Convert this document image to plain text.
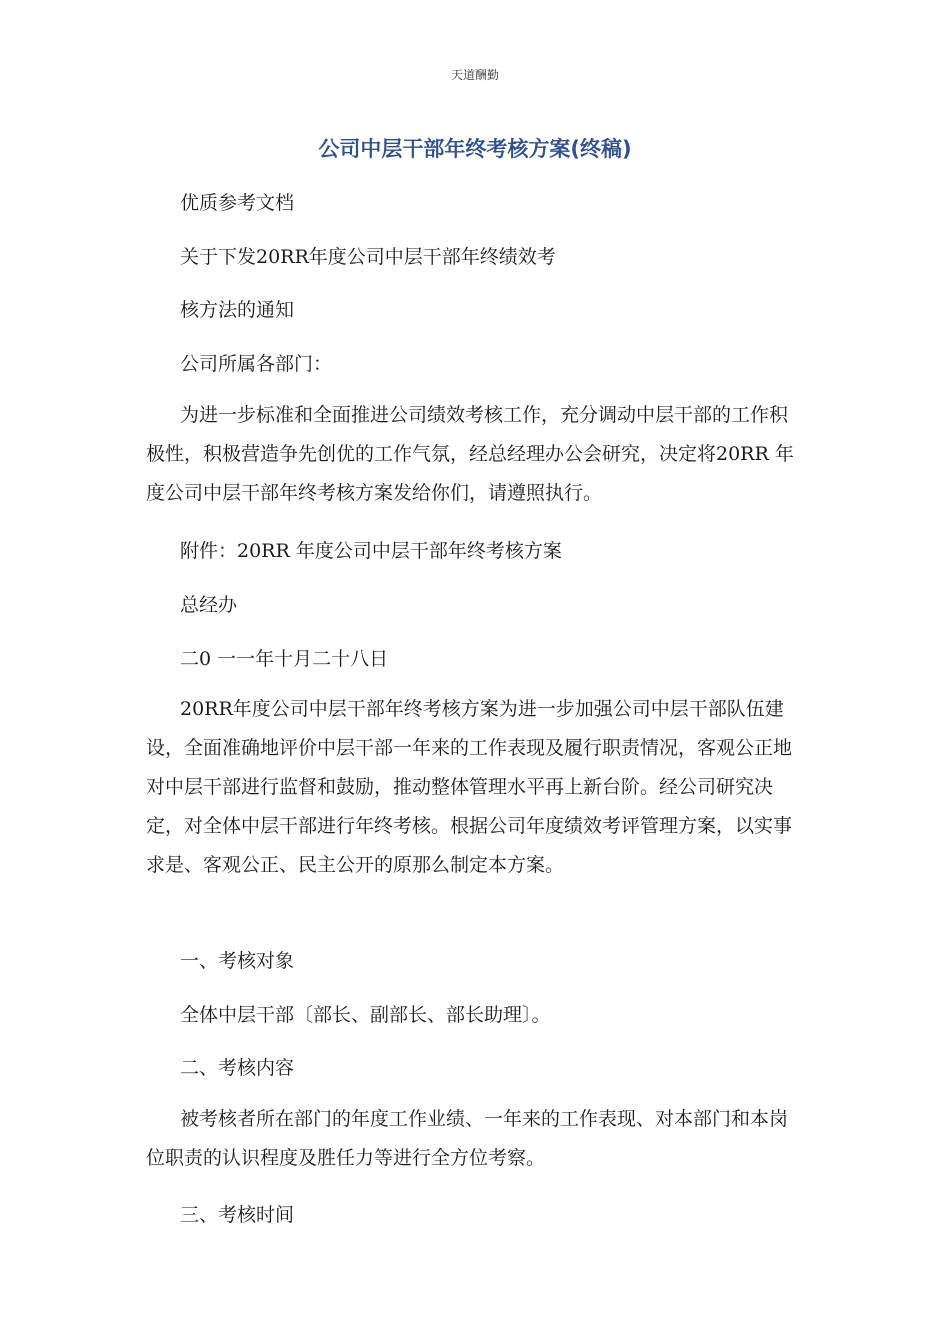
天道酬勤
公司中层干部年终考核方案(终稿)
优质参考文档
关于下发20RR年度公司中层干部年终绩效考
核方法的通知
公司所属各部门：

为进一步标准和全面推进公司绩效考核工作，充分调动中层干部的工作积极性，积极营造争先创优的工作气氛，经总经理办公会研究，决定将20RR 年度公司中层干部年终考核方案发给你们，请遵照执行。

附件：20RR 年度公司中层干部年终考核方案
总经办
二0 一一年十月二十八日

20RR年度公司中层干部年终考核方案为进一步加强公司中层干部队伍建设，全面准确地评价中层干部一年来的工作表现及履行职责情况，客观公正地对中层干部进行监督和鼓励，推动整体管理水平再上新台阶。经公司研究决定，对全体中层干部进行年终考核。根据公司年度绩效考评管理方案，以实事求是、客观公正、民主公开的原那么制定本方案。

一、考核对象
全体中层干部〔部长、副部长、部长助理〕。
二、考核内容

被考核者所在部门的年度工作业绩、一年来的工作表现、对本部门和本岗位职责的认识程度及胜任力等进行全方位考察。

三、考核时间
